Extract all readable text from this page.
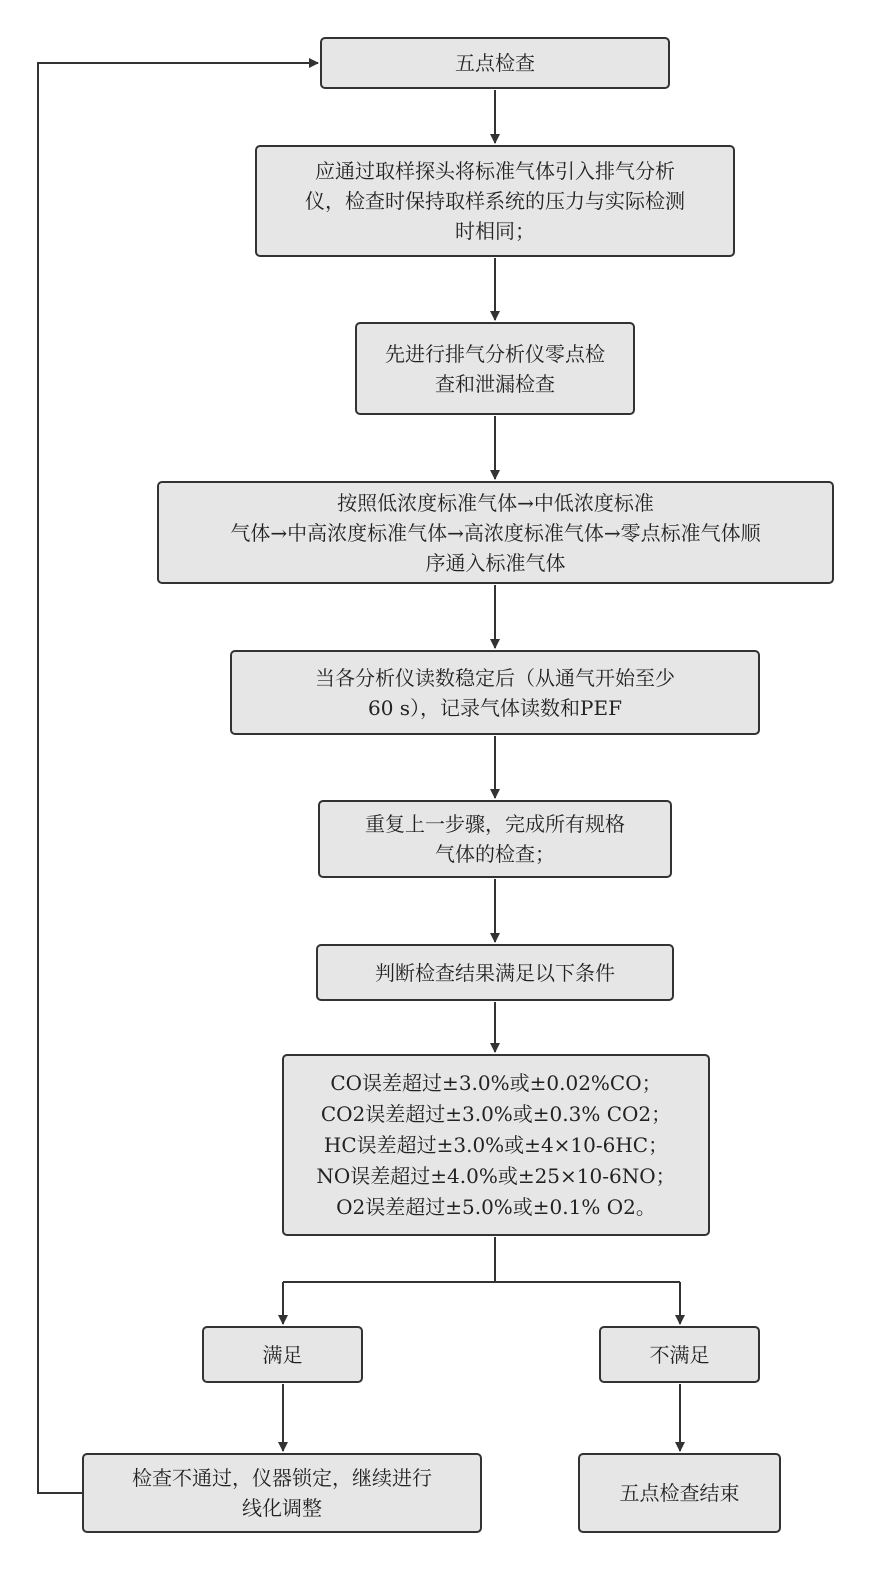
五点检查
应通过取样探头将标准气体引入排气分析
仪，检查时保持取样系统的压力与实际检测
时相同；
先进行排气分析仪零点检
查和泄漏检查
按照低浓度标准气体→中低浓度标准
气体→中高浓度标准气体→高浓度标准气体→零点标准气体顺
序通入标准气体
当各分析仪读数稳定后（从通气开始至少
60 s），记录气体读数和PEF
重复上一步骤，完成所有规格
气体的检查；
判断检查结果满足以下条件
CO误差超过±3.0%或±0.02%CO；
CO2误差超过±3.0%或±0.3% CO2；
HC误差超过±3.0%或±4×10-6HC；
NO误差超过±4.0%或±25×10-6NO；
O2误差超过±5.0%或±0.1% O2。
满足	不满足
检查不通过，仪器锁定，继续进行
线化调整
五点检查结束
